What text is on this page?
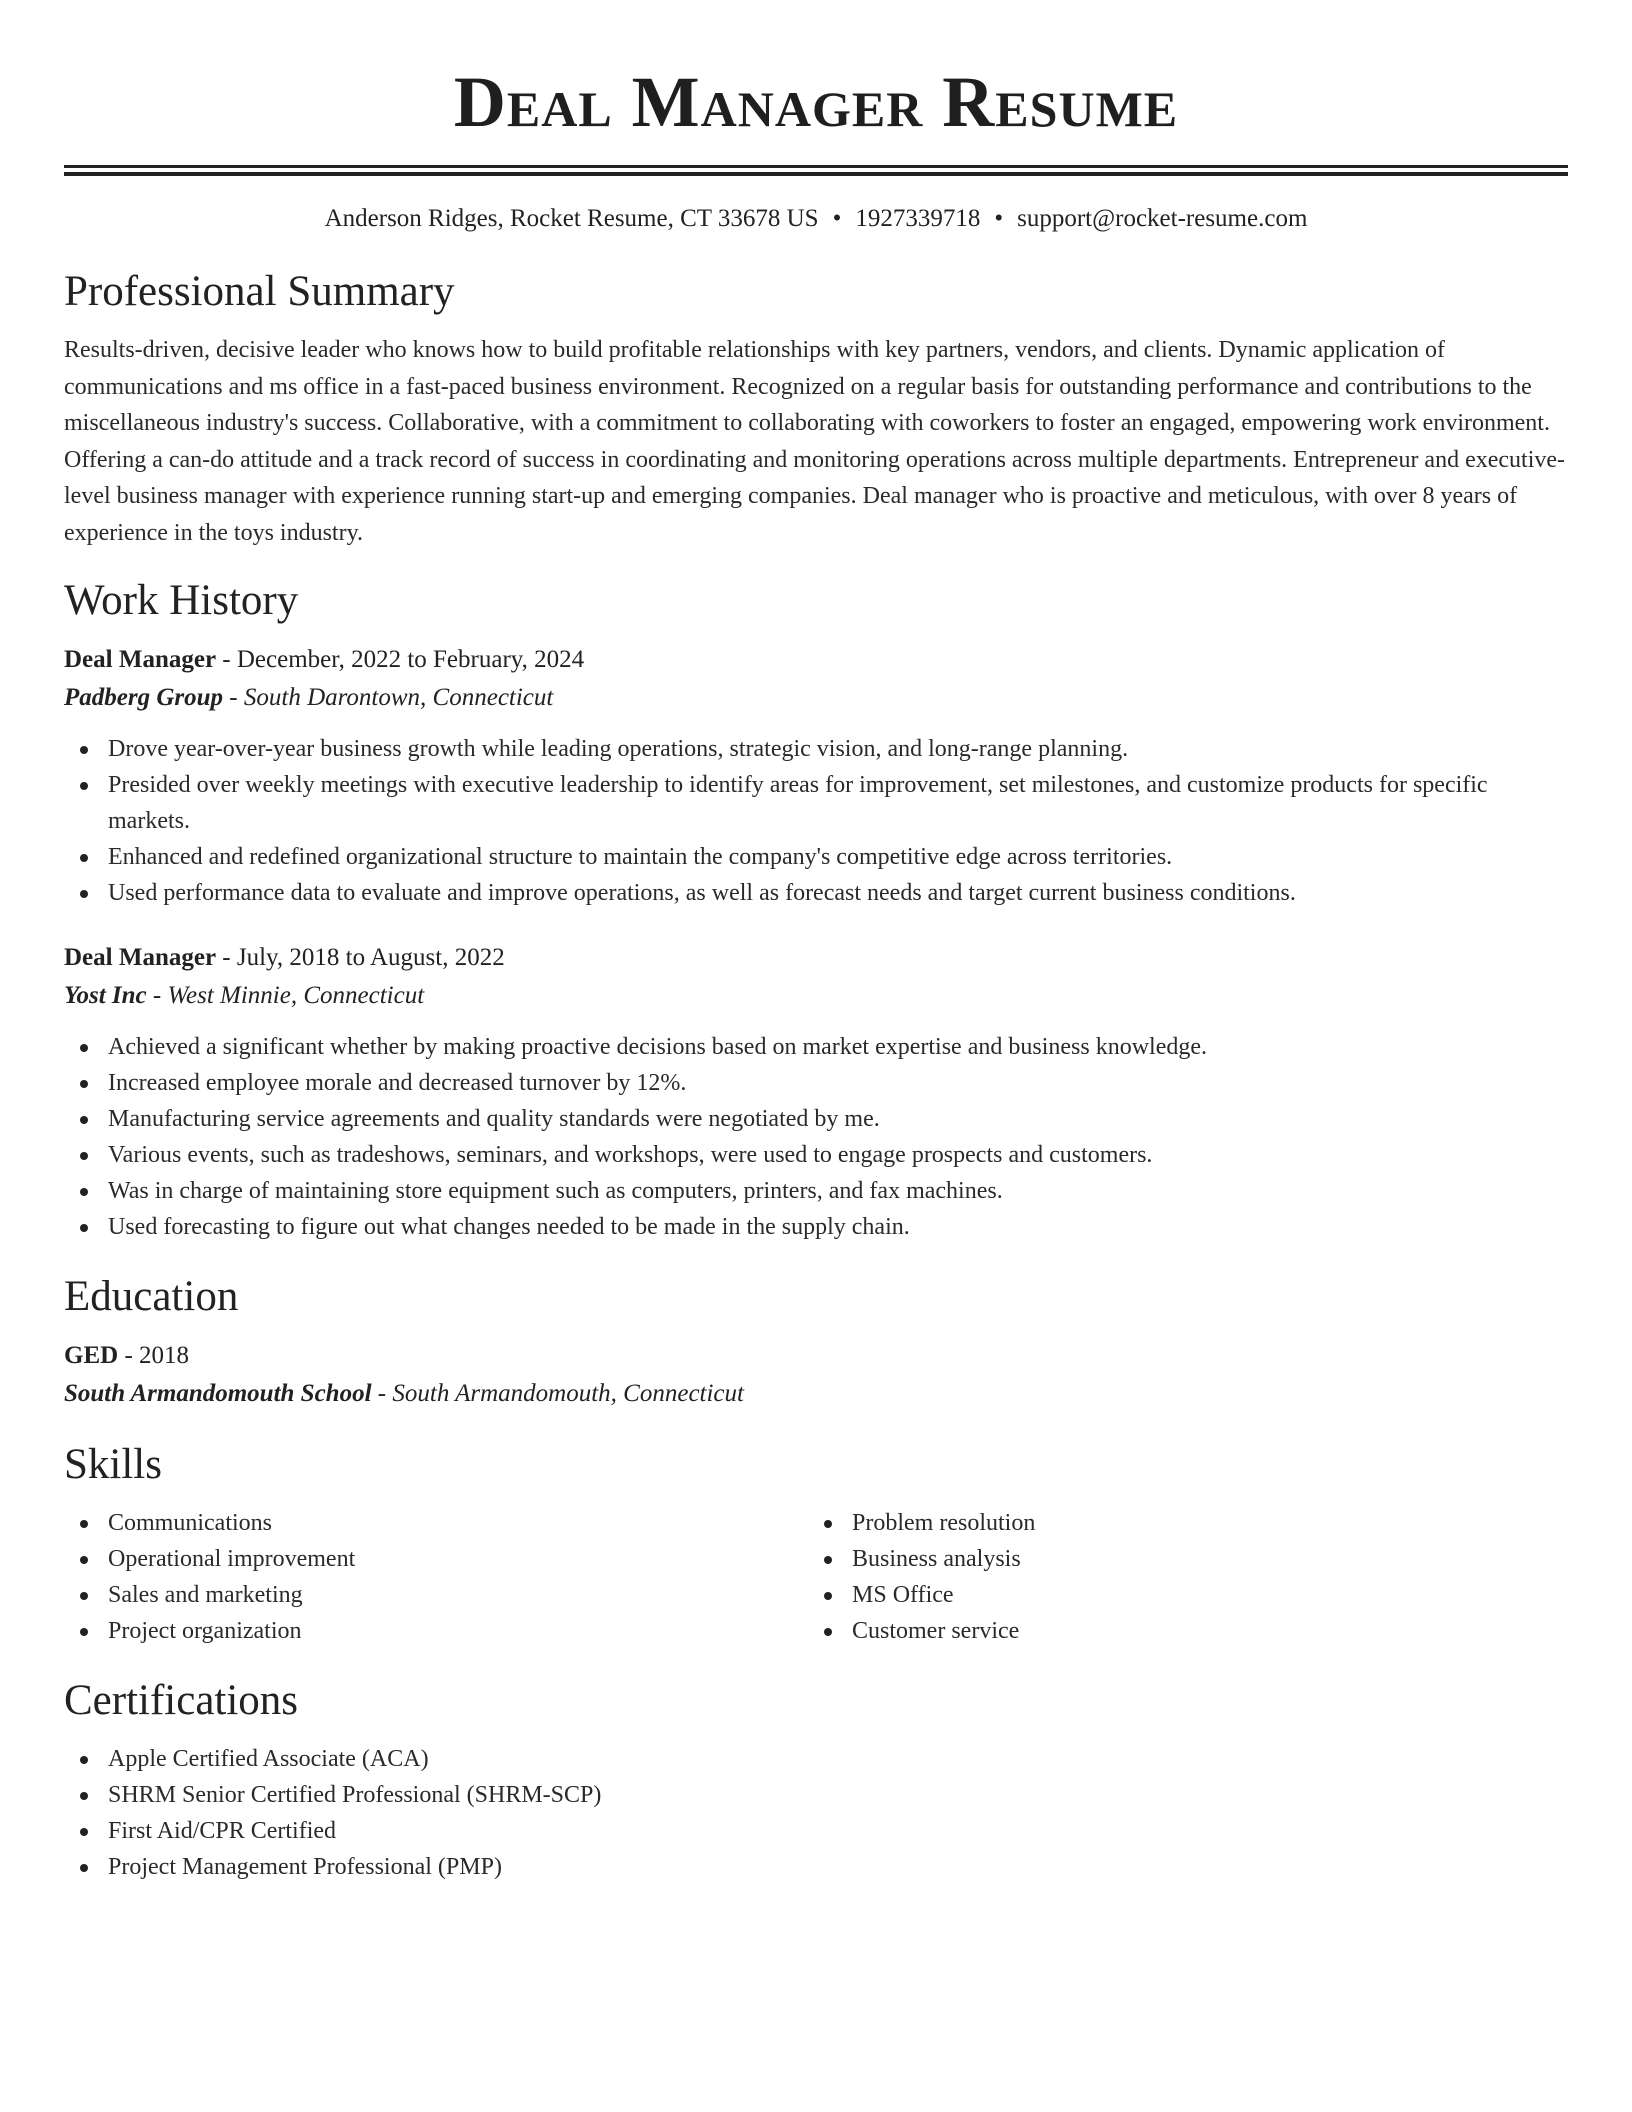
Deal Manager Resume
Anderson Ridges, Rocket Resume, CT 33678 US • 1927339718 • support@rocket-resume.com
Professional Summary

Results-driven, decisive leader who knows how to build profitable relationships with key partners, vendors, and clients. Dynamic application of communications and ms office in a fast-paced business environment. Recognized on a regular basis for outstanding performance and contributions to the miscellaneous industry's success. Collaborative, with a commitment to collaborating with coworkers to foster an engaged, empowering work environment. Offering a can-do attitude and a track record of success in coordinating and monitoring operations across multiple departments. Entrepreneur and executive-level business manager with experience running start-up and emerging companies. Deal manager who is proactive and meticulous, with over 8 years of experience in the toys industry.

Work History
Deal Manager - December, 2022 to February, 2024
Padberg Group - South Darontown, Connecticut
Drove year-over-year business growth while leading operations, strategic vision, and long-range planning.
Presided over weekly meetings with executive leadership to identify areas for improvement, set milestones, and customize products for specific markets.
Enhanced and redefined organizational structure to maintain the company's competitive edge across territories.
Used performance data to evaluate and improve operations, as well as forecast needs and target current business conditions.
Deal Manager - July, 2018 to August, 2022
Yost Inc - West Minnie, Connecticut
Achieved a significant whether by making proactive decisions based on market expertise and business knowledge.
Increased employee morale and decreased turnover by 12%.
Manufacturing service agreements and quality standards were negotiated by me.
Various events, such as tradeshows, seminars, and workshops, were used to engage prospects and customers.
Was in charge of maintaining store equipment such as computers, printers, and fax machines.
Used forecasting to figure out what changes needed to be made in the supply chain.
Education
GED - 2018
South Armandomouth School - South Armandomouth, Connecticut
Skills
Communications
Operational improvement
Sales and marketing
Project organization
Problem resolution
Business analysis
MS Office
Customer service
Certifications
Apple Certified Associate (ACA)
SHRM Senior Certified Professional (SHRM-SCP)
First Aid/CPR Certified
Project Management Professional (PMP)
